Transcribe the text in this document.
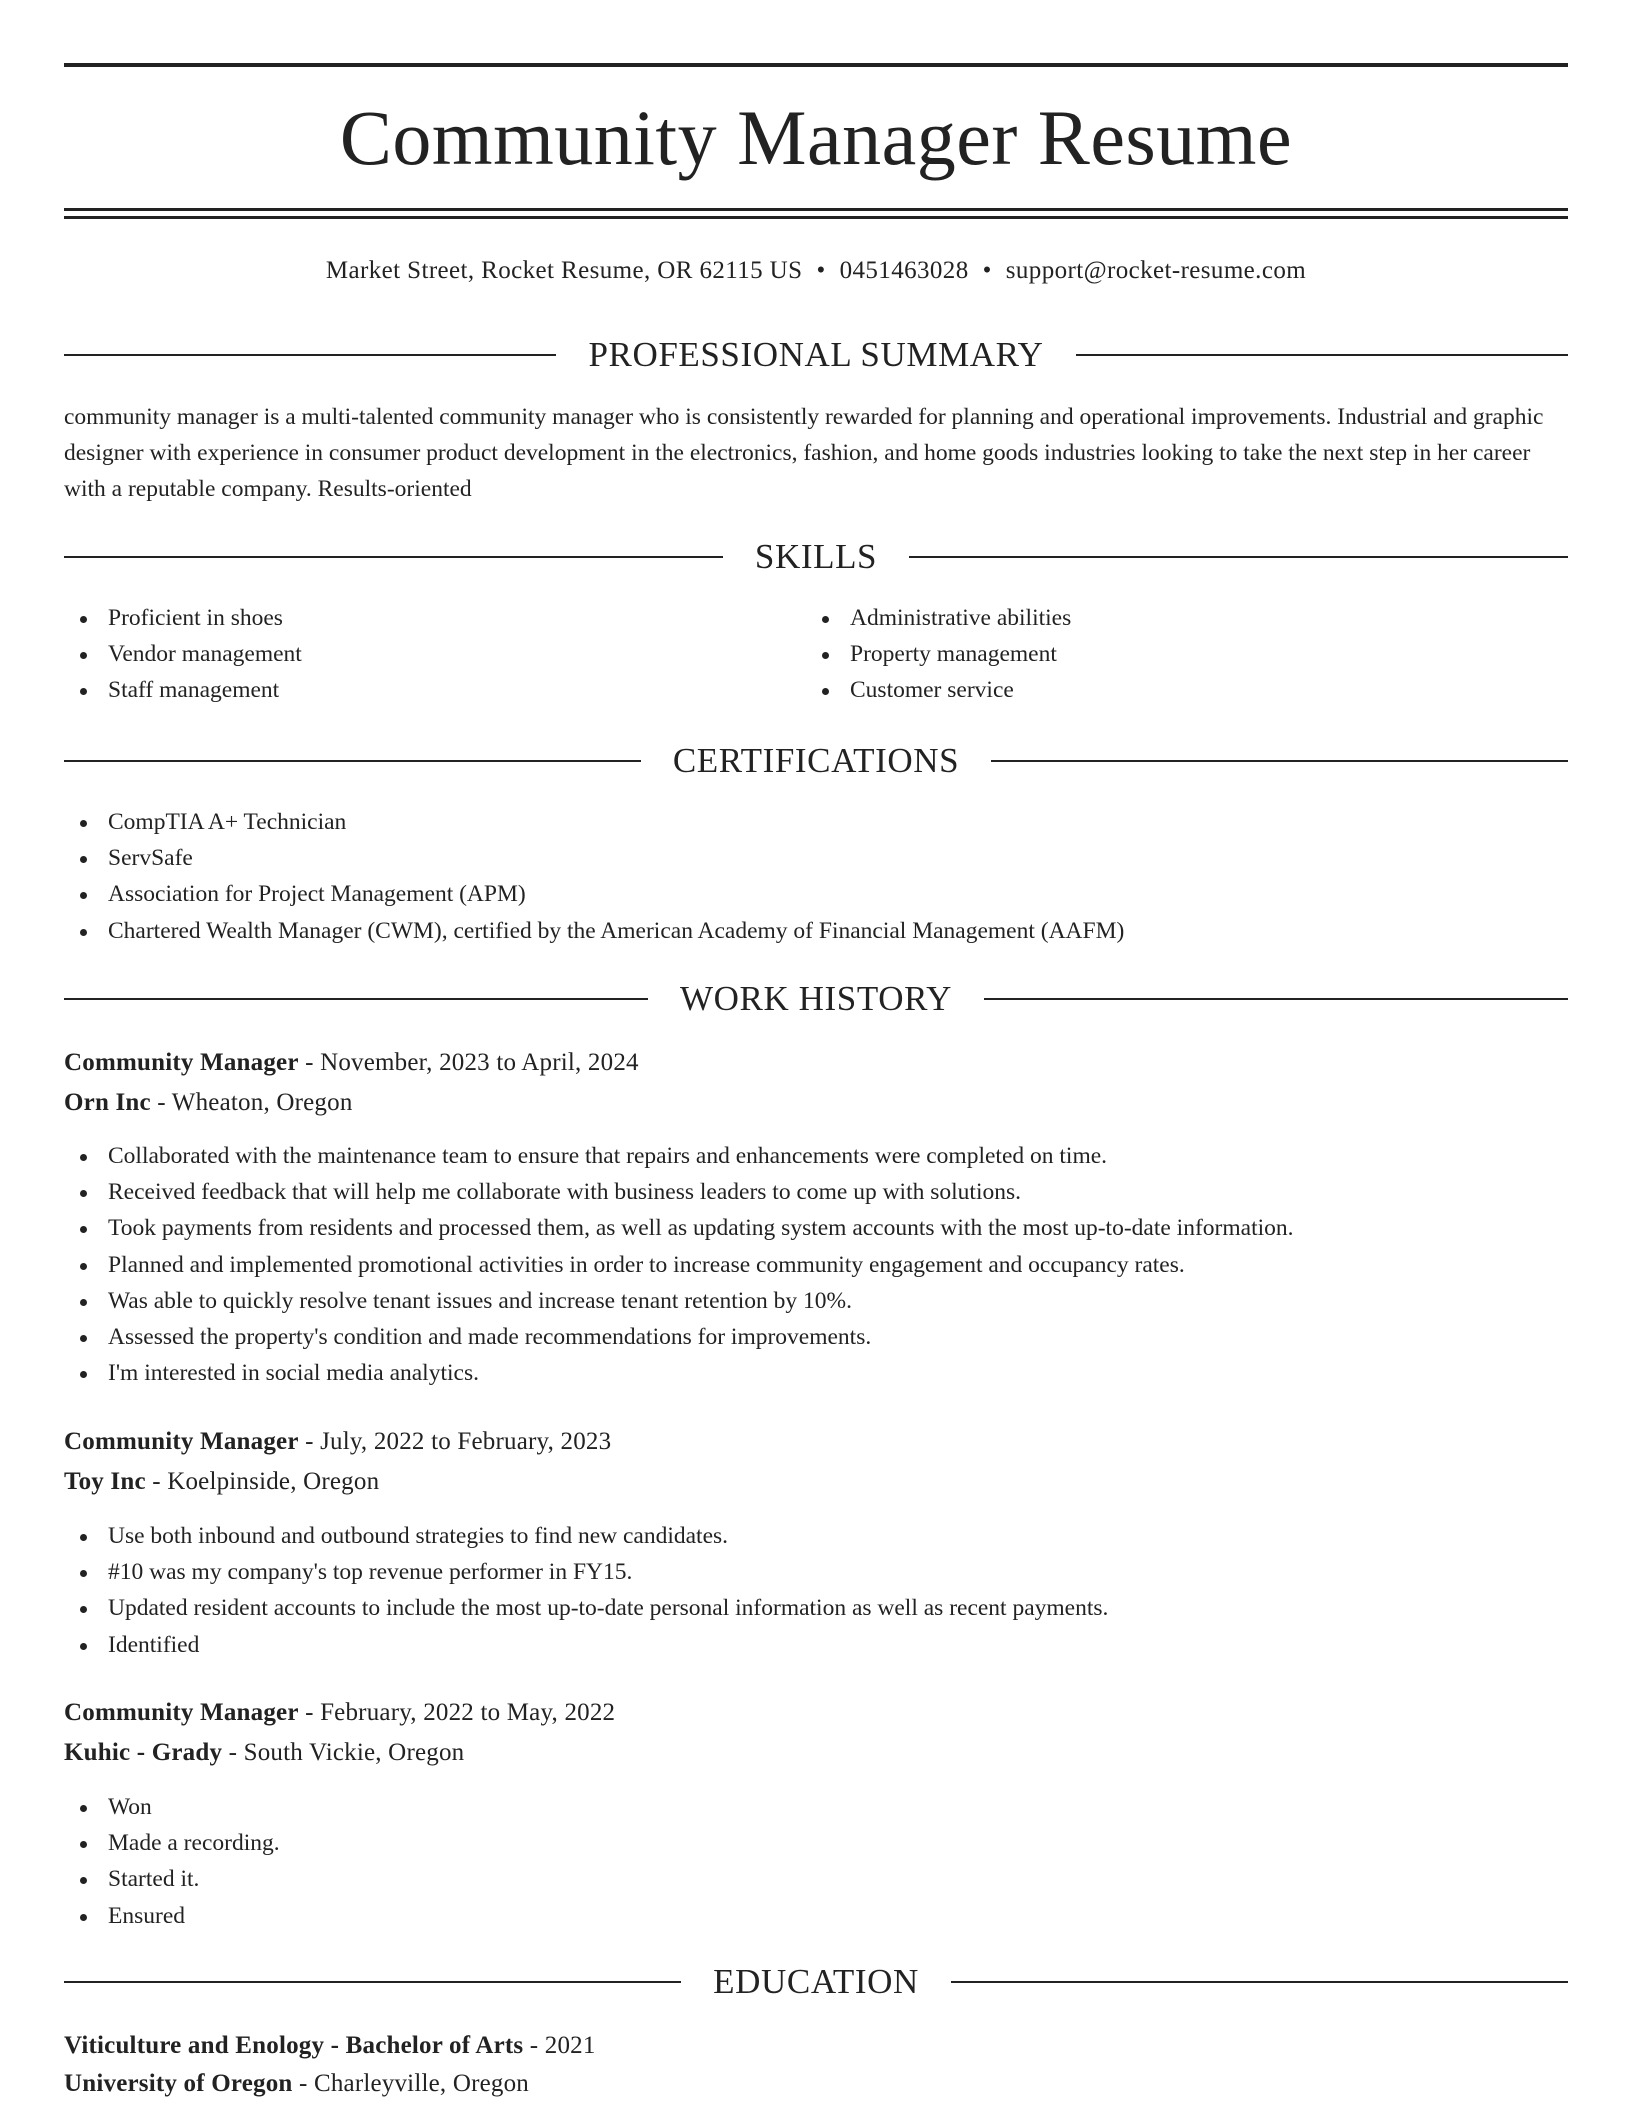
Community Manager Resume
Market Street, Rocket Resume, OR 62115 US • 0451463028 • support@rocket-resume.com
PROFESSIONAL SUMMARY

community manager is a multi-talented community manager who is consistently rewarded for planning and operational improvements. Industrial and graphic designer with experience in consumer product development in the electronics, fashion, and home goods industries looking to take the next step in her career with a reputable company. Results-oriented

SKILLS
Proficient in shoes
Vendor management
Staff management
Administrative abilities
Property management
Customer service
CERTIFICATIONS
CompTIA A+ Technician
ServSafe
Association for Project Management (APM)
Chartered Wealth Manager (CWM), certified by the American Academy of Financial Management (AAFM)
WORK HISTORY
Community Manager - November, 2023 to April, 2024
Orn Inc - Wheaton, Oregon
Collaborated with the maintenance team to ensure that repairs and enhancements were completed on time.
Received feedback that will help me collaborate with business leaders to come up with solutions.
Took payments from residents and processed them, as well as updating system accounts with the most up-to-date information.
Planned and implemented promotional activities in order to increase community engagement and occupancy rates.
Was able to quickly resolve tenant issues and increase tenant retention by 10%.
Assessed the property's condition and made recommendations for improvements.
I'm interested in social media analytics.
Community Manager - July, 2022 to February, 2023
Toy Inc - Koelpinside, Oregon
Use both inbound and outbound strategies to find new candidates.
#10 was my company's top revenue performer in FY15.
Updated resident accounts to include the most up-to-date personal information as well as recent payments.
Identified
Community Manager - February, 2022 to May, 2022
Kuhic - Grady - South Vickie, Oregon
Won
Made a recording.
Started it.
Ensured
EDUCATION
Viticulture and Enology - Bachelor of Arts - 2021
University of Oregon - Charleyville, Oregon
